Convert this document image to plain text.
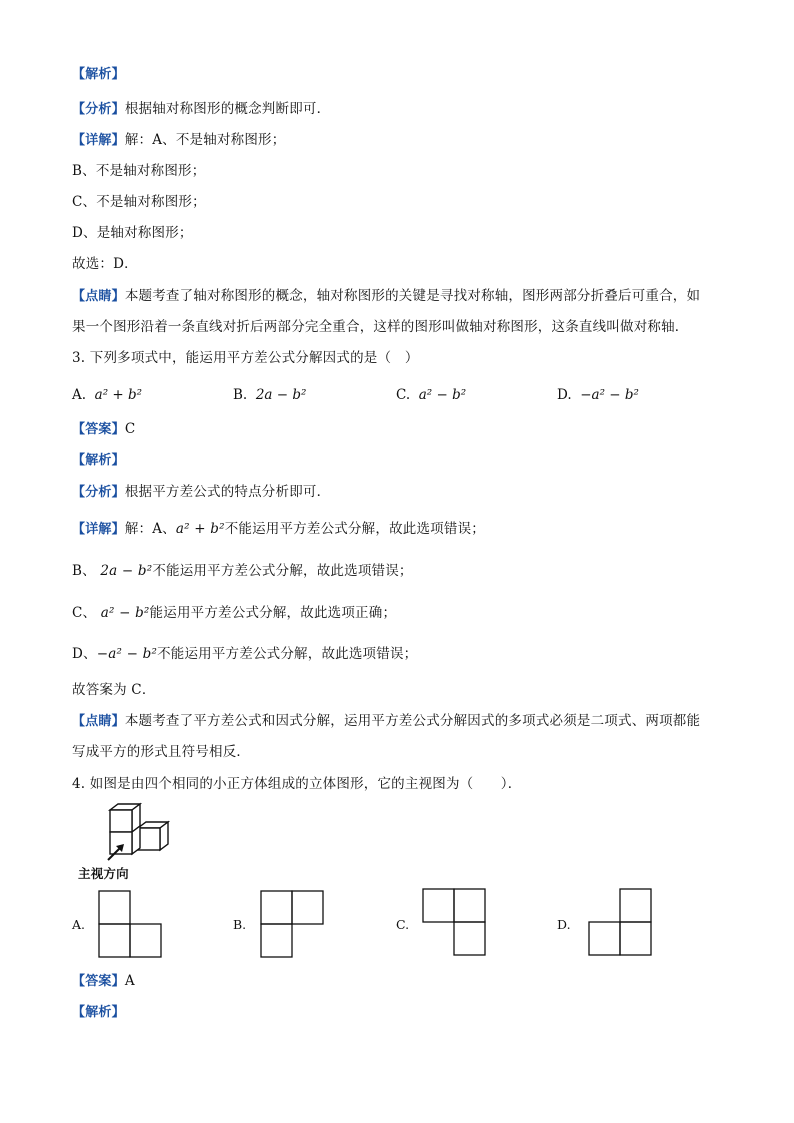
【解析】
【分析】根据轴对称图形的概念判断即可．
【详解】解：A、不是轴对称图形；
B、不是轴对称图形；
C、不是轴对称图形；
D、是轴对称图形；
故选：D．
【点睛】本题考查了轴对称图形的概念，轴对称图形的关键是寻找对称轴，图形两部分折叠后可重合，如
果一个图形沿着一条直线对折后两部分完全重合，这样的图形叫做轴对称图形，这条直线叫做对称轴．
3. 下列多项式中，能运用平方差公式分解因式的是（　）
A. a² + b²	B. 2a − b²	C. a² − b²	D. −a² − b²
【答案】C
【解析】
【分析】根据平方差公式的特点分析即可．
【详解】解：A、a² + b²不能运用平方差公式分解，故此选项错误；
B、 2a − b²不能运用平方差公式分解，故此选项错误；
C、 a² − b²能运用平方差公式分解，故此选项正确；
D、−a² − b²不能运用平方差公式分解，故此选项错误；
故答案为 C．
【点睛】本题考查了平方差公式和因式分解，运用平方差公式分解因式的多项式必须是二项式、两项都能
写成平方的形式且符号相反．
4. 如图是由四个相同的小正方体组成的立体图形，它的主视图为（　　）．
主视方向
A.	B.	C.	D.
【答案】A
【解析】
